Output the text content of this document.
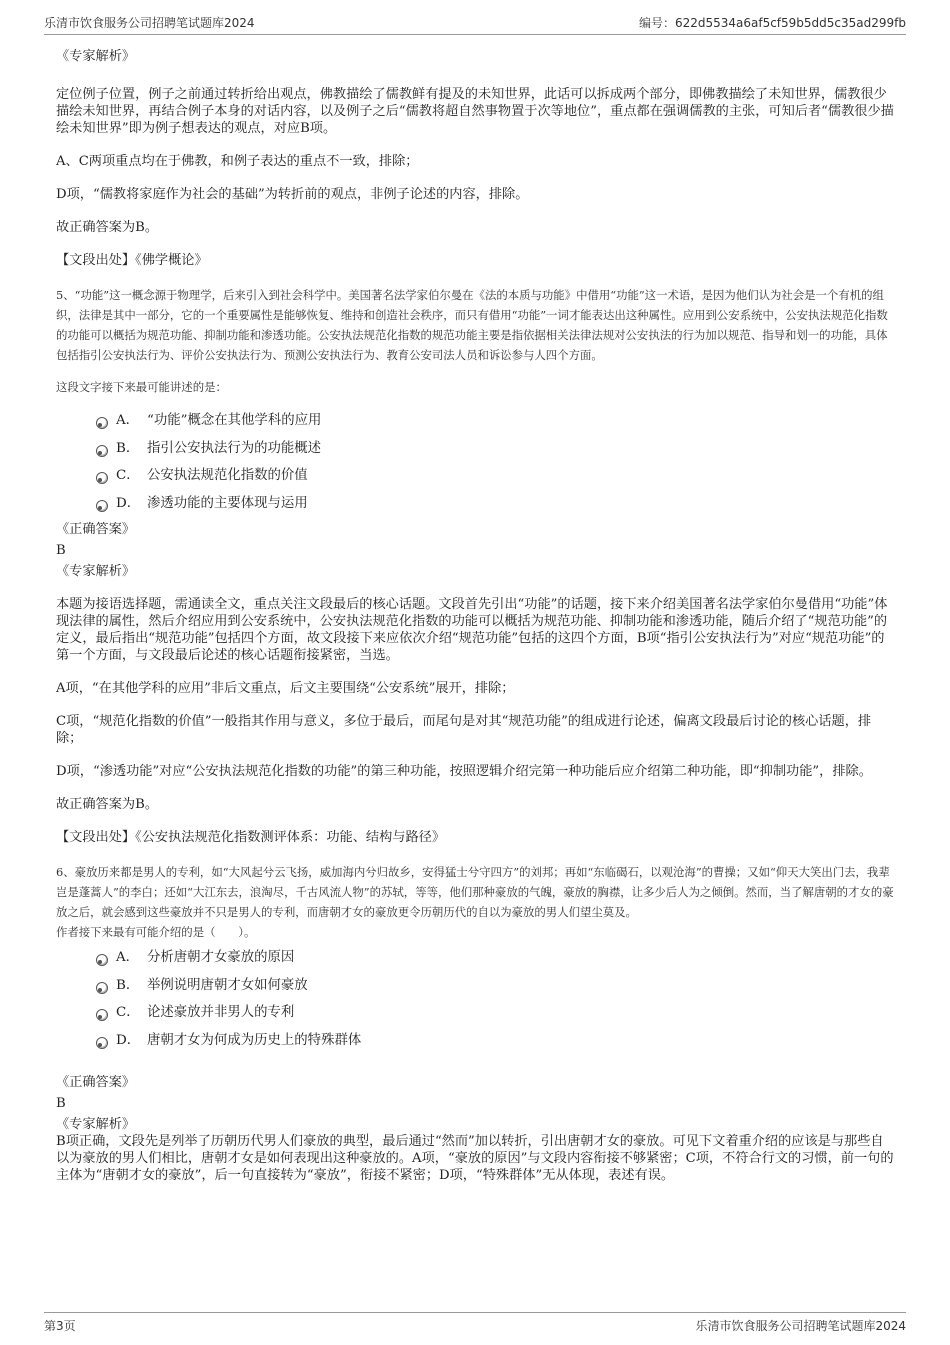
乐清市饮食服务公司招聘笔试题库2024	编号：622d5534a6af5cf59b5dd5c35ad299fb

《专家解析》

定位例子位置，例子之前通过转折给出观点，佛教描绘了儒教鲜有提及的未知世界，此话可以拆成两个部分，即佛教描绘了未知世界，儒教很少描绘未知世界，再结合例子本身的对话内容，以及例子之后“儒教将超自然事物置于次等地位”，重点都在强调儒教的主张，可知后者“儒教很少描绘未知世界”即为例子想表达的观点，对应B项。

A、C两项重点均在于佛教，和例子表达的重点不一致，排除；

D项，“儒教将家庭作为社会的基础”为转折前的观点，非例子论述的内容，排除。

故正确答案为B。

【文段出处】《佛学概论》

5、“功能”这一概念源于物理学，后来引入到社会科学中。美国著名法学家伯尔曼在《法的本质与功能》中借用“功能”这一术语，是因为他们认为社会是一个有机的组织，法律是其中一部分，它的一个重要属性是能够恢复、维持和创造社会秩序，而只有借用“功能”一词才能表达出这种属性。应用到公安系统中，公安执法规范化指数的功能可以概括为规范功能、抑制功能和渗透功能。公安执法规范化指数的规范功能主要是指依据相关法律法规对公安执法的行为加以规范、指导和划一的功能，具体包括指引公安执法行为、评价公安执法行为、预测公安执法行为、教育公安司法人员和诉讼参与人四个方面。

这段文字接下来最可能讲述的是：

A． “功能”概念在其他学科的应用
B． 指引公安执法行为的功能概述
C． 公安执法规范化指数的价值
D． 渗透功能的主要体现与运用

《正确答案》

B

《专家解析》

本题为接语选择题，需通读全文，重点关注文段最后的核心话题。文段首先引出“功能”的话题，接下来介绍美国著名法学家伯尔曼借用“功能”体现法律的属性，然后介绍应用到公安系统中，公安执法规范化指数的功能可以概括为规范功能、抑制功能和渗透功能，随后介绍了“规范功能”的定义，最后指出“规范功能”包括四个方面，故文段接下来应依次介绍“规范功能”包括的这四个方面，B项“指引公安执法行为”对应“规范功能”的第一个方面，与文段最后论述的核心话题衔接紧密，当选。

A项，“在其他学科的应用”非后文重点，后文主要围绕“公安系统”展开，排除；

C项，“规范化指数的价值”一般指其作用与意义，多位于最后，而尾句是对其“规范功能”的组成进行论述，偏离文段最后讨论的核心话题，排除；

D项，“渗透功能”对应“公安执法规范化指数的功能”的第三种功能，按照逻辑介绍完第一种功能后应介绍第二种功能，即“抑制功能”，排除。

故正确答案为B。

【文段出处】《公安执法规范化指数测评体系：功能、结构与路径》

6、豪放历来都是男人的专利，如“大风起兮云飞扬，威加海内兮归故乡，安得猛士兮守四方”的刘邦；再如“东临碣石，以观沧海”的曹操；又如“仰天大笑出门去，我辈岂是蓬蒿人”的李白；还如“大江东去，浪淘尽，千古风流人物”的苏轼，等等，他们那种豪放的气魄，豪放的胸襟，让多少后人为之倾倒。然而，当了解唐朝的才女的豪放之后，就会感到这些豪放并不只是男人的专利，而唐朝才女的豪放更令历朝历代的自以为豪放的男人们望尘莫及。

作者接下来最有可能介绍的是（　　）。

A． 分析唐朝才女豪放的原因
B． 举例说明唐朝才女如何豪放
C． 论述豪放并非男人的专利
D． 唐朝才女为何成为历史上的特殊群体

《正确答案》

B

《专家解析》

B项正确，文段先是列举了历朝历代男人们豪放的典型，最后通过“然而”加以转折，引出唐朝才女的豪放。可见下文着重介绍的应该是与那些自以为豪放的男人们相比，唐朝才女是如何表现出这种豪放的。A项，“豪放的原因”与文段内容衔接不够紧密；C项，不符合行文的习惯，前一句的主体为“唐朝才女的豪放”，后一句直接转为“豪放”，衔接不紧密；D项，“特殊群体”无从体现，表述有误。

第3页	乐清市饮食服务公司招聘笔试题库2024
